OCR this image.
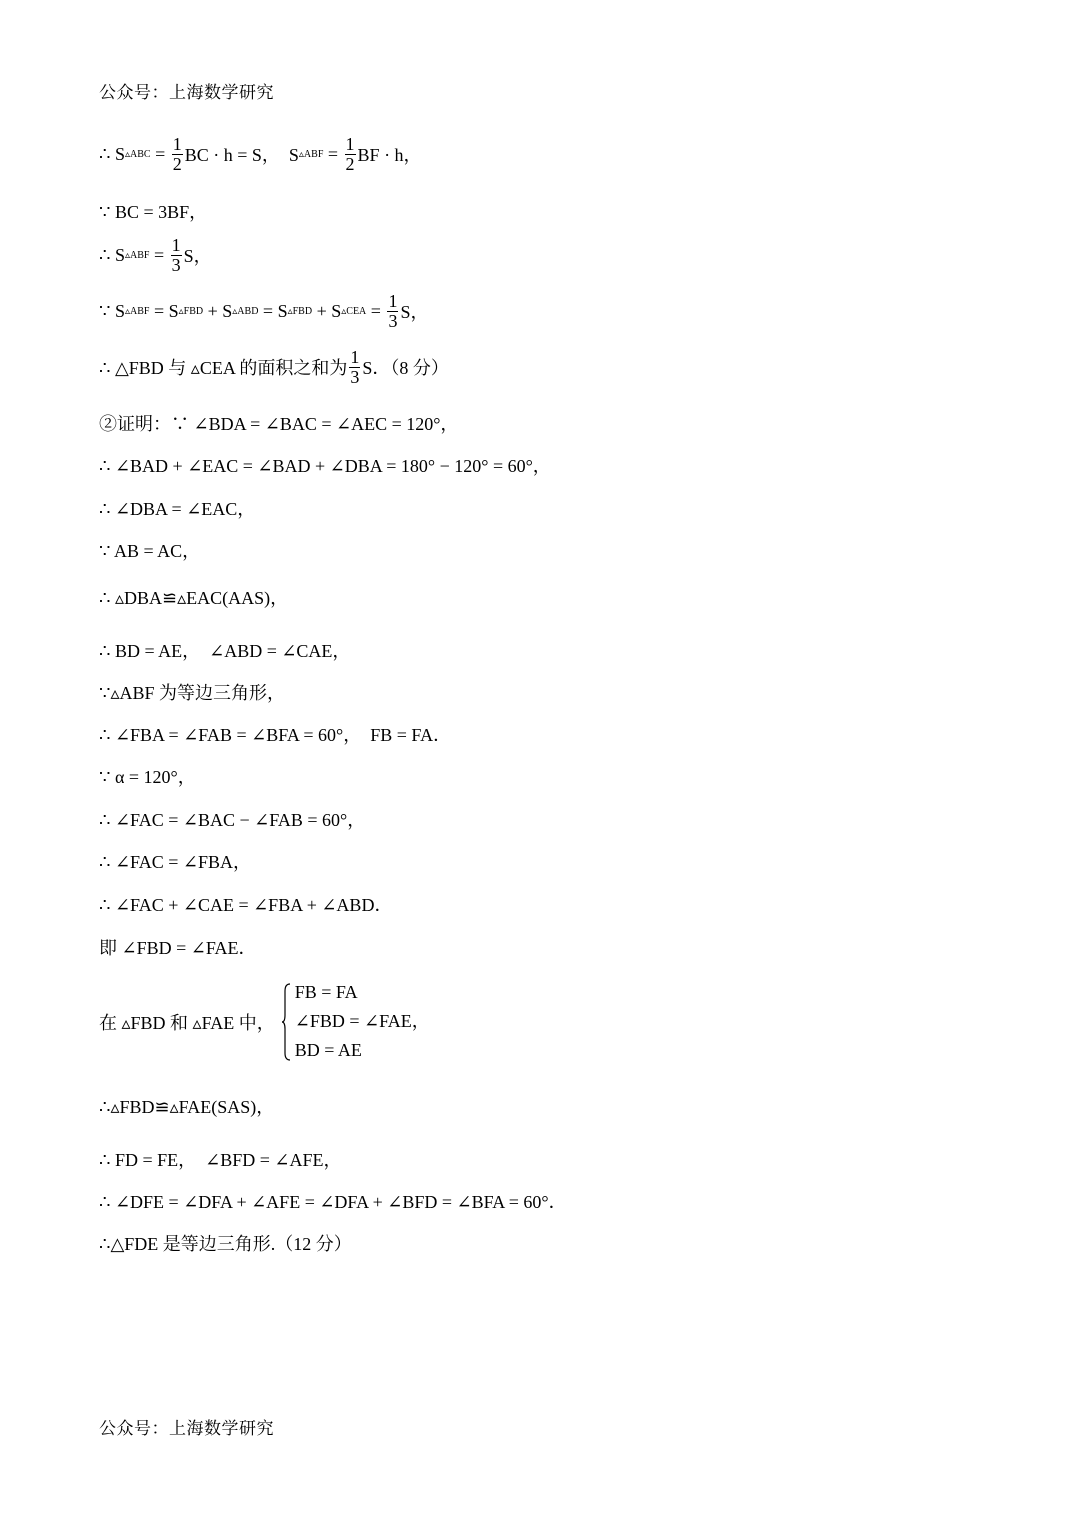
公众号：上海数学研究
∴ S ▵ABC = $\frac{1}{2}$ BC · h = S，  S ▵ABF = $\frac{1}{2}$ BF · h，
∵ BC = 3BF，
∴ S ▵ABF = $\frac{1}{3}$ S，
∵ S ▵ABF = S ▵FBD + S ▵ABD = S ▵FBD + S ▵CEA = $\frac{1}{3}$ S，
∴ △FBD 与 ▵CEA 的面积之和为 $\frac{1}{3}$ S．（8 分）
②证明：∵ ∠BDA = ∠BAC = ∠AEC = 120°，
∴ ∠BAD + ∠EAC = ∠BAD + ∠DBA = 180° − 120° = 60°，
∴ ∠DBA = ∠EAC，
∵ AB = AC，
∴ ▵DBA≌▵EAC(AAS)，
∴ BD = AE，  ∠ABD = ∠CAE，
∵▵ABF 为等边三角形，
∴ ∠FBA = ∠FAB = ∠BFA = 60°，  FB = FA．
∵ α = 120°，
∴ ∠FAC = ∠BAC − ∠FAB = 60°，
∴ ∠FAC = ∠FBA，
∴ ∠FAC + ∠CAE = ∠FBA + ∠ABD．
即 ∠FBD = ∠FAE．
在 ▵FBD 和 ▵FAE 中，
FB = FA
∠FBD = ∠FAE，
BD = AE
∴▵FBD≌▵FAE(SAS)，
∴ FD = FE，  ∠BFD = ∠AFE，
∴ ∠DFE = ∠DFA + ∠AFE = ∠DFA + ∠BFD = ∠BFA = 60°．
∴△FDE 是等边三角形.（12 分）
公众号：上海数学研究
